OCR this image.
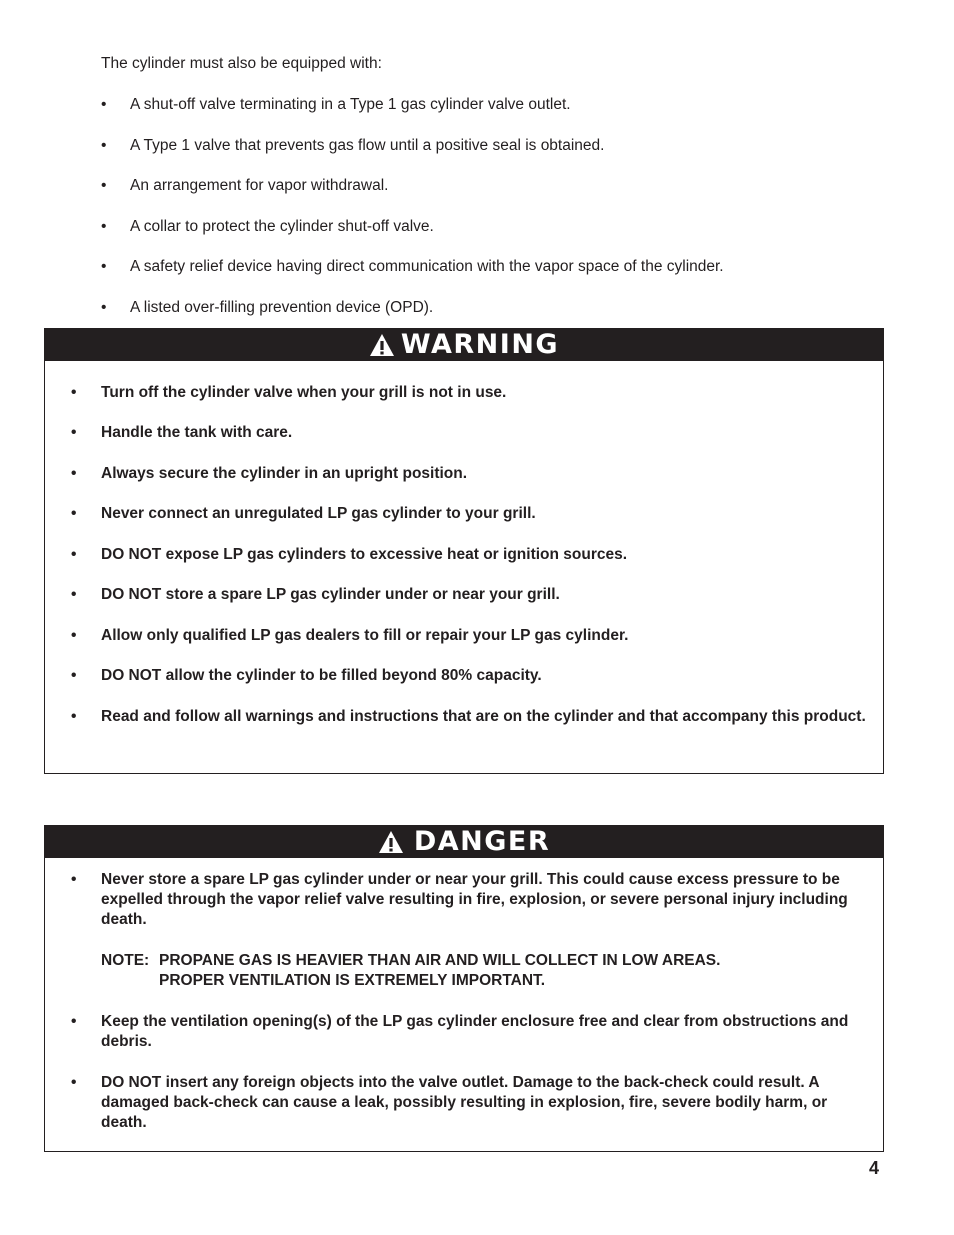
The cylinder must also be equipped with:
• A shut-off valve terminating in a Type 1 gas cylinder valve outlet.
• A Type 1 valve that prevents gas flow until a positive seal is obtained.
• An arrangement for vapor withdrawal.
• A collar to protect the cylinder shut-off valve.
• A safety relief device having direct communication with the vapor space of the cylinder.
• A listed over-filling prevention device (OPD).
WARNING
• Turn off the cylinder valve when your grill is not in use.
• Handle the tank with care.
• Always secure the cylinder in an upright position.
• Never connect an unregulated LP gas cylinder to your grill.
• DO NOT expose LP gas cylinders to excessive heat or ignition sources.
• DO NOT store a spare LP gas cylinder under or near your grill.
• Allow only qualified LP gas dealers to fill or repair your LP gas cylinder.
• DO NOT allow the cylinder to be filled beyond 80% capacity.
• Read and follow all warnings and instructions that are on the cylinder and that accompany this product.
DANGER
• Never store a spare LP gas cylinder under or near your grill. This could cause excess pressure to be expelled through the vapor relief valve resulting in fire, explosion, or severe personal injury including death.
NOTE: PROPANE GAS IS HEAVIER THAN AIR AND WILL COLLECT IN LOW AREAS.
PROPER VENTILATION IS EXTREMELY IMPORTANT.
• Keep the ventilation opening(s) of the LP gas cylinder enclosure free and clear from obstructions and debris.
• DO NOT insert any foreign objects into the valve outlet. Damage to the back-check could result. A damaged back-check can cause a leak, possibly resulting in explosion, fire, severe bodily harm, or death.
4
